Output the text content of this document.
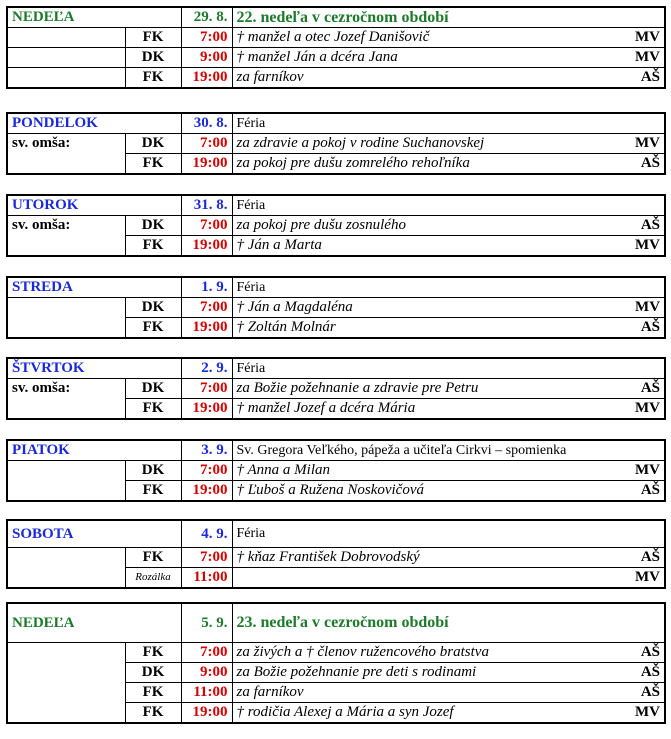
NEDEĽA		29. 8.	22. nedeľa v cezročnom období	
	FK	7:00	† manžel a otec Jozef Danišovič	MV
	DK	9:00	† manžel Ján a dcéra Jana	MV
	FK	19:00	za farníkov	AŠ
PONDELOK		30. 8.	Féria	
sv. omša:	DK	7:00	za zdravie a pokoj v rodine Suchanovskej	MV
	FK	19:00	za pokoj pre dušu zomrelého rehoľníka	AŠ
UTOROK		31. 8.	Féria	
sv. omša:	DK	7:00	za pokoj pre dušu zosnulého	AŠ
	FK	19:00	† Ján a Marta	MV
STREDA		1. 9.	Féria	
	DK	7:00	† Ján a Magdaléna	MV
	FK	19:00	† Zoltán Molnár	AŠ
ŠTVRTOK		2. 9.	Féria	
sv. omša:	DK	7:00	za Božie požehnanie a zdravie pre Petru	AŠ
	FK	19:00	† manžel Jozef a dcéra Mária	MV
PIATOK		3. 9.	Sv. Gregora Veľkého, pápeža a učiteľa Cirkvi – spomienka	
	DK	7:00	† Anna a Milan	MV
	FK	19:00	† Ľuboš a Ružena Noskovičová	AŠ
SOBOTA		4. 9.	Féria	
	FK	7:00	† kňaz František Dobrovodský	AŠ
	Rozálka	11:00		MV
NEDEĽA		5. 9.	23. nedeľa v cezročnom období	
	FK	7:00	za živých a † členov ružencového bratstva	AŠ
	DK	9:00	za Božie požehnanie pre deti s rodinami	AŠ
	FK	11:00	za farníkov	AŠ
	FK	19:00	† rodičia Alexej a Mária a syn Jozef	MV
